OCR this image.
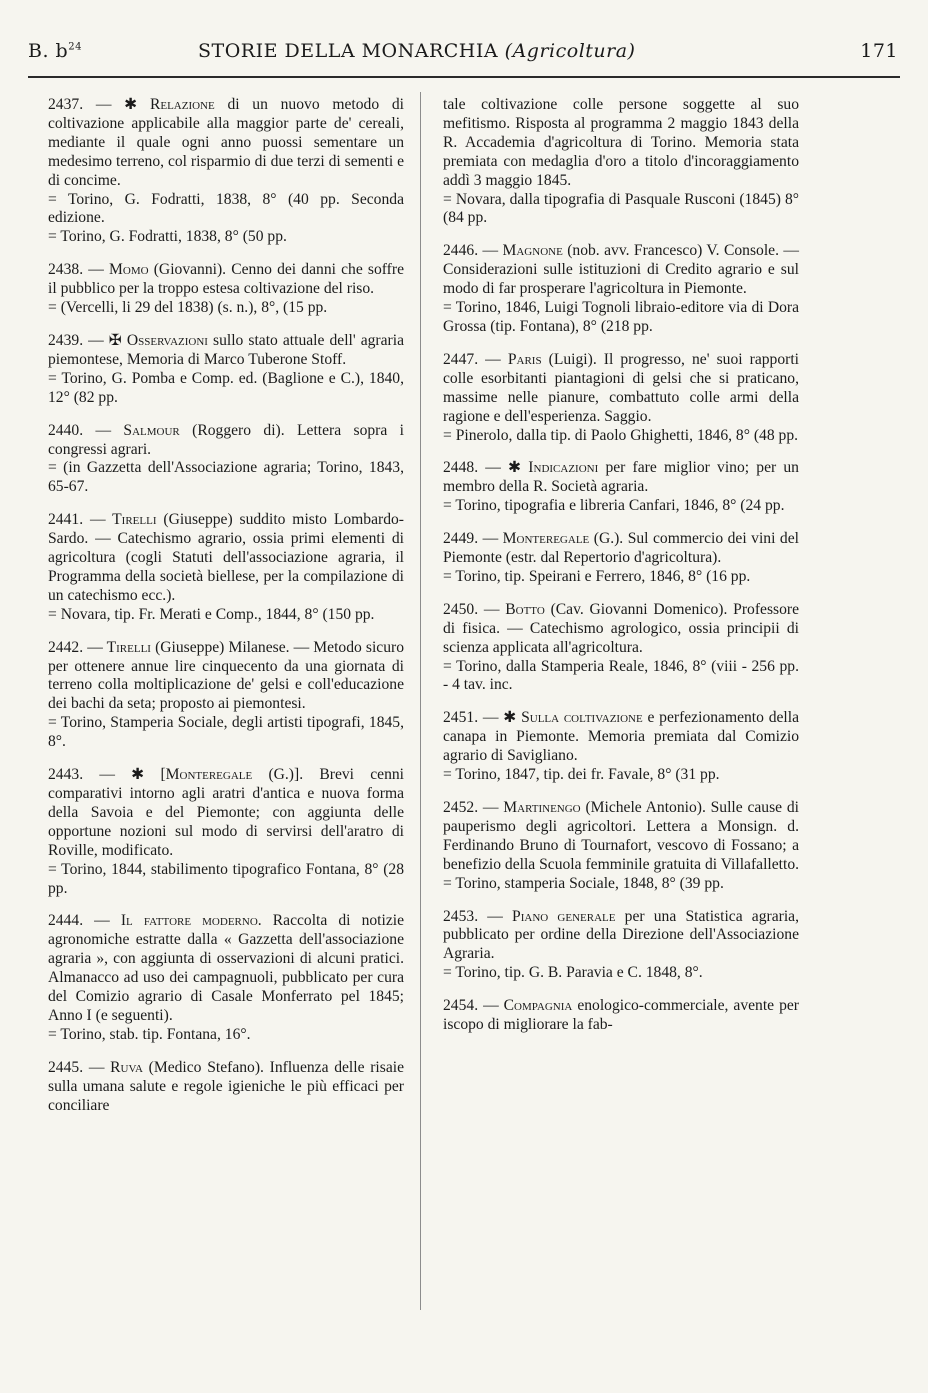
B. $b^{24}$	STORIE DELLA MONARCHIA (Agricoltura)	171

2437. — ✱ Relazione di un nuovo metodo di coltivazione applicabile alla maggior parte de' cereali, mediante il quale ogni anno puossi sementare un medesimo terreno, col risparmio di due terzi di sementi e di concime.

= Torino, G. Fodratti, 1838, 8° (40 pp. Seconda edizione.

= Torino, G. Fodratti, 1838, 8° (50 pp.

2438. — Momo (Giovanni). Cenno dei danni che soffre il pubblico per la troppo estesa coltivazione del riso.

= (Vercelli, li 29 del 1838) (s. n.), 8°, (15 pp.

2439. — ✠ Osservazioni sullo stato attuale dell' agraria piemontese, Memoria di Marco Tuberone Stoff.

= Torino, G. Pomba e Comp. ed. (Baglione e C.), 1840, 12° (82 pp.

2440. — Salmour (Roggero di). Lettera sopra i congressi agrari.

= (in Gazzetta dell'Associazione agraria; Torino, 1843, 65-67.

2441. — Tirelli (Giuseppe) suddito misto Lombardo-Sardo. — Catechismo agrario, ossia primi elementi di agricoltura (cogli Statuti dell'associazione agraria, il Programma della società biellese, per la compilazione di un catechismo ecc.).

= Novara, tip. Fr. Merati e Comp., 1844, 8° (150 pp.

2442. — Tirelli (Giuseppe) Milanese. — Metodo sicuro per ottenere annue lire cinquecento da una giornata di terreno colla moltiplicazione de' gelsi e coll'educazione dei bachi da seta; proposto ai piemontesi.

= Torino, Stamperia Sociale, degli artisti tipografi, 1845, 8°.

2443. — ✱ [Monteregale (G.)]. Brevi cenni comparativi intorno agli aratri d'antica e nuova forma della Savoia e del Piemonte; con aggiunta delle opportune nozioni sul modo di servirsi dell'aratro di Roville, modificato.

= Torino, 1844, stabilimento tipografico Fontana, 8° (28 pp.

2444. — Il fattore moderno. Raccolta di notizie agronomiche estratte dalla « Gazzetta dell'associazione agraria », con aggiunta di osservazioni di alcuni pratici. Almanacco ad uso dei campagnuoli, pubblicato per cura del Comizio agrario di Casale Monferrato pel 1845; Anno I (e seguenti).

= Torino, stab. tip. Fontana, 16°.

2445. — Ruva (Medico Stefano). Influenza delle risaie sulla umana salute e regole igieniche le più efficaci per conciliare

tale coltivazione colle persone soggette al suo mefitismo. Risposta al programma 2 maggio 1843 della R. Accademia d'agricoltura di Torino. Memoria stata premiata con medaglia d'oro a titolo d'incoraggiamento addì 3 maggio 1845.

= Novara, dalla tipografia di Pasquale Rusconi (1845) 8° (84 pp.

2446. — Magnone (nob. avv. Francesco) V. Console. — Considerazioni sulle istituzioni di Credito agrario e sul modo di far prosperare l'agricoltura in Piemonte.

= Torino, 1846, Luigi Tognoli libraio-editore via di Dora Grossa (tip. Fontana), 8° (218 pp.

2447. — Paris (Luigi). Il progresso, ne' suoi rapporti colle esorbitanti piantagioni di gelsi che si praticano, massime nelle pianure, combattuto colle armi della ragione e dell'esperienza. Saggio.

= Pinerolo, dalla tip. di Paolo Ghighetti, 1846, 8° (48 pp.

2448. — ✱ Indicazioni per fare miglior vino; per un membro della R. Società agraria.

= Torino, tipografia e libreria Canfari, 1846, 8° (24 pp.

2449. — Monteregale (G.). Sul commercio dei vini del Piemonte (estr. dal Repertorio d'agricoltura).

= Torino, tip. Speirani e Ferrero, 1846, 8° (16 pp.

2450. — Botto (Cav. Giovanni Domenico). Professore di fisica. — Catechismo agrologico, ossia principii di scienza applicata all'agricoltura.

= Torino, dalla Stamperia Reale, 1846, 8° (viii - 256 pp. - 4 tav. inc.

2451. — ✱ Sulla coltivazione e perfezionamento della canapa in Piemonte. Memoria premiata dal Comizio agrario di Savigliano.

= Torino, 1847, tip. dei fr. Favale, 8° (31 pp.

2452. — Martinengo (Michele Antonio). Sulle cause di pauperismo degli agricoltori. Lettera a Monsign. d. Ferdinando Bruno di Tournafort, vescovo di Fossano; a benefizio della Scuola femminile gratuita di Villafalletto.

= Torino, stamperia Sociale, 1848, 8° (39 pp.

2453. — Piano generale per una Statistica agraria, pubblicato per ordine della Direzione dell'Associazione Agraria.

= Torino, tip. G. B. Paravia e C. 1848, 8°.

2454. — Compagnia enologico-commerciale, avente per iscopo di migliorare la fab-
